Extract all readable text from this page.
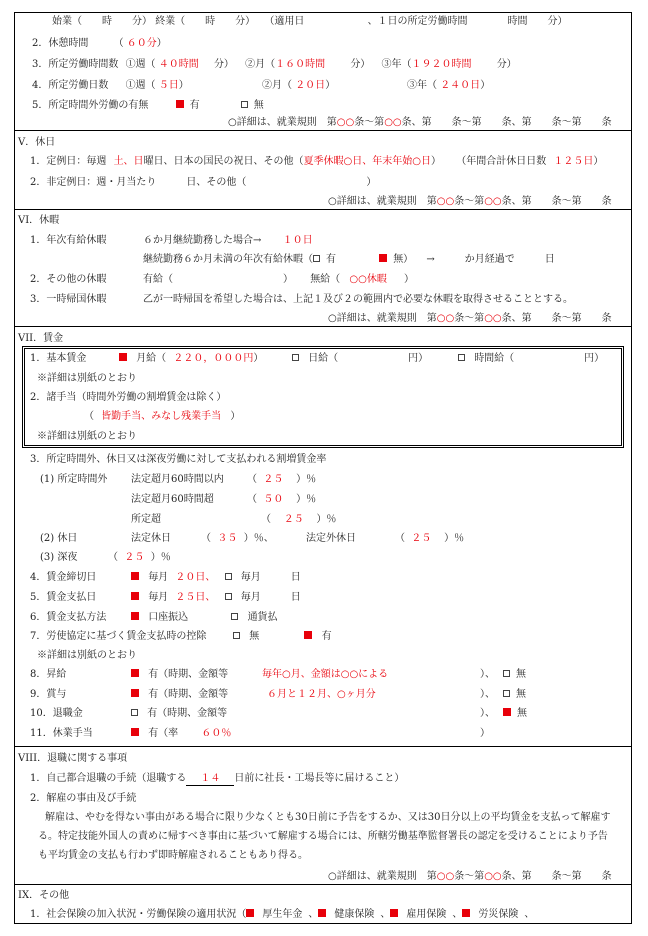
始業（　　時　　分） 終業（　　時　　分） （適用日	、１日の所定労働時間　　　　時間　　分）
2．休憩時間	（ ６０分）
3．所定労働時間数 ①週（ ４０時間 分） ②月（１６０時間	分） ③年（１９２０時間	分）
4．所定労働日数 ①週（ ５日）	②月（ ２０日）	③年（ ２４０日）
5．所定時間外労働の有無	有	無
○詳細は、就業規則　第○○条～第○○条、第　　条～第　　条、第　　条～第　　条
V．休日
1．定例日：毎週 土、日曜日、日本の国民の祝日、その他（夏季休暇○日、年末年始○日） （年間合計休日日数 １２５日）
2．非定例日：週・月当たり　　　日、その他（　　　　　　　　　　　　）
○詳細は、就業規則　第○○条～第○○条、第　　条～第　　条
VI．休暇
1．年次有給休暇	６か月継続勤務した場合→ １０日
継続勤務６か月未満の年次有給休暇（ 有	無） →　　　か月経過で　　　日
2．その他の休暇	有給（　　　　　　　　　　　） 無給（ ○○休暇 ）
3．一時帰国休暇	乙が一時帰国を希望した場合は、上記１及び２の範囲内で必要な休暇を取得させることとする。
○詳細は、就業規則　第○○条～第○○条、第　　条～第　　条
VII．賃金
1．基本賃金	月給（ ２２０，０００円）	日給（　　　　　　　円）	時間給（　　　　　　　円）
※詳細は別紙のとおり
2．諸手当（時間外労働の割増賃金は除く）
（ 皆勤手当、みなし残業手当 ）
※詳細は別紙のとおり
3．所定時間外、休日又は深夜労働に対して支払われる割増賃金率
(1) 所定時間外 法定超月60時間以内 （ ２５ ）％
法定超月60時間超	（ ５０ ）％
所定超	（ ２５ ）％
(2) 休日	法定休日	（ ３５ ）％、	法定外休日	（ ２５ ）％
(3) 深夜	（ ２５ ）％
4．賃金締切日	毎月 ２０日、	毎月　　　日
5．賃金支払日	毎月 ２５日、	毎月　　　日
6．賃金支払方法	口座振込	通貨払
7．労使協定に基づく賃金支払時の控除	無	有
※詳細は別紙のとおり
8．昇給	有（時期、金額等	毎年○月、金額は○○による	）、 無
9．賞与	有（時期、金額等	６月と１２月、○ヶ月分	）、 無
10．退職金	有（時期、金額等	）、 無
11．休業手当	有（率 ６０％	）
VIII．退職に関する事項
1．自己都合退職の手続（退職する １４ 日前に社長・工場長等に届けること）
2．解雇の事由及び手続
解雇は、やむを得ない事由がある場合に限り少なくとも30日前に予告をするか、又は30日分以上の平均賃金を支払って解雇す
る。特定技能外国人の責めに帰すべき事由に基づいて解雇する場合には、所轄労働基準監督署長の認定を受けることにより予告
も平均賃金の支払も行わず即時解雇されることもあり得る。
○詳細は、就業規則　第○○条～第○○条、第　　条～第　　条
IX．その他
1．社会保険の加入状況・労働保険の適用状況（ 厚生年金 、 健康保険 、 雇用保険 、 労災保険 、
